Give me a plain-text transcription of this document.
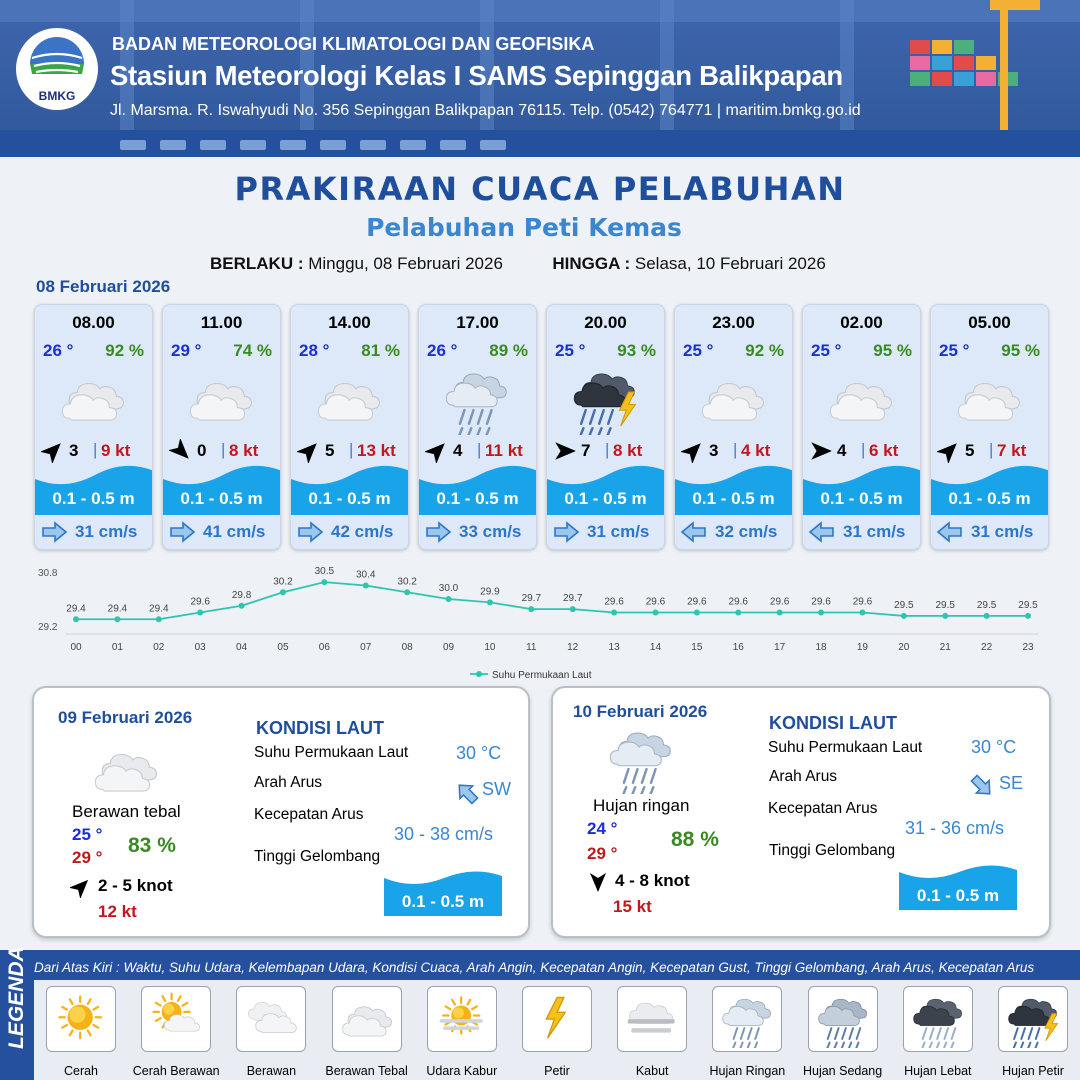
BMKG
BADAN METEOROLOGI KLIMATOLOGI DAN GEOFISIKA
Stasiun Meteorologi Kelas I SAMS Sepinggan Balikpapan
Jl. Marsma. R. Iswahyudi No. 356 Sepinggan Balikpapan 76115. Telp. (0542) 764771 | maritim.bmkg.go.id
PRAKIRAAN CUACA PELABUHAN
Pelabuhan Peti Kemas
BERLAKU : Minggu, 08 Februari 2026	HINGGA : Selasa, 10 Februari 2026
08 Februari 2026
08.00
26 ° 92 %
3 | 9 kt
0.1 - 0.5 m
31 cm/s
11.00
29 ° 74 %
0 | 8 kt
0.1 - 0.5 m
41 cm/s
14.00
28 ° 81 %
5 | 13 kt
0.1 - 0.5 m
42 cm/s
17.00
26 ° 89 %
4 | 11 kt
0.1 - 0.5 m
33 cm/s
20.00
25 ° 93 %
7 | 8 kt
0.1 - 0.5 m
31 cm/s
23.00
25 ° 92 %
3 | 4 kt
0.1 - 0.5 m
32 cm/s
02.00
25 ° 95 %
4 | 6 kt
0.1 - 0.5 m
31 cm/s
05.00
25 ° 95 %
5 | 7 kt
0.1 - 0.5 m
31 cm/s
30.8
29.2
29.4
00
29.4
01
29.4
02
29.6
03
29.8
04
30.2
05
30.5
06
30.4
07
30.2
08
30.0
09
29.9
10
29.7
11
29.7
12
29.6
13
29.6
14
29.6
15
29.6
16
29.6
17
29.6
18
29.6
19
29.5
20
29.5
21
29.5
22
29.5
23
Suhu Permukaan Laut
09 Februari 2026
Berawan tebal
25 °
29 °
83 %
2 - 5 knot
12 kt
KONDISI LAUT
Suhu Permukaan Laut	30 °C
Arah Arus	SW
Kecepatan Arus
30 - 38 cm/s
Tinggi Gelombang
0.1 - 0.5 m
10 Februari 2026
Hujan ringan
24 °
29 °
88 %
4 - 8 knot
15 kt
KONDISI LAUT
Suhu Permukaan Laut	30 °C
Arah Arus	SE
Kecepatan Arus
31 - 36 cm/s
Tinggi Gelombang
0.1 - 0.5 m
LEGENDA Dari Atas Kiri : Waktu, Suhu Udara, Kelembapan Udara, Kondisi Cuaca, Arah Angin, Kecepatan Angin, Kecepatan Gust, Tinggi Gelombang, Arah Arus, Kecepatan Arus
Cerah	Cerah Berawan	Berawan	Berawan Tebal	Udara Kabur	Petir	Kabut	Hujan Ringan	Hujan Sedang	Hujan Lebat	Hujan Petir
